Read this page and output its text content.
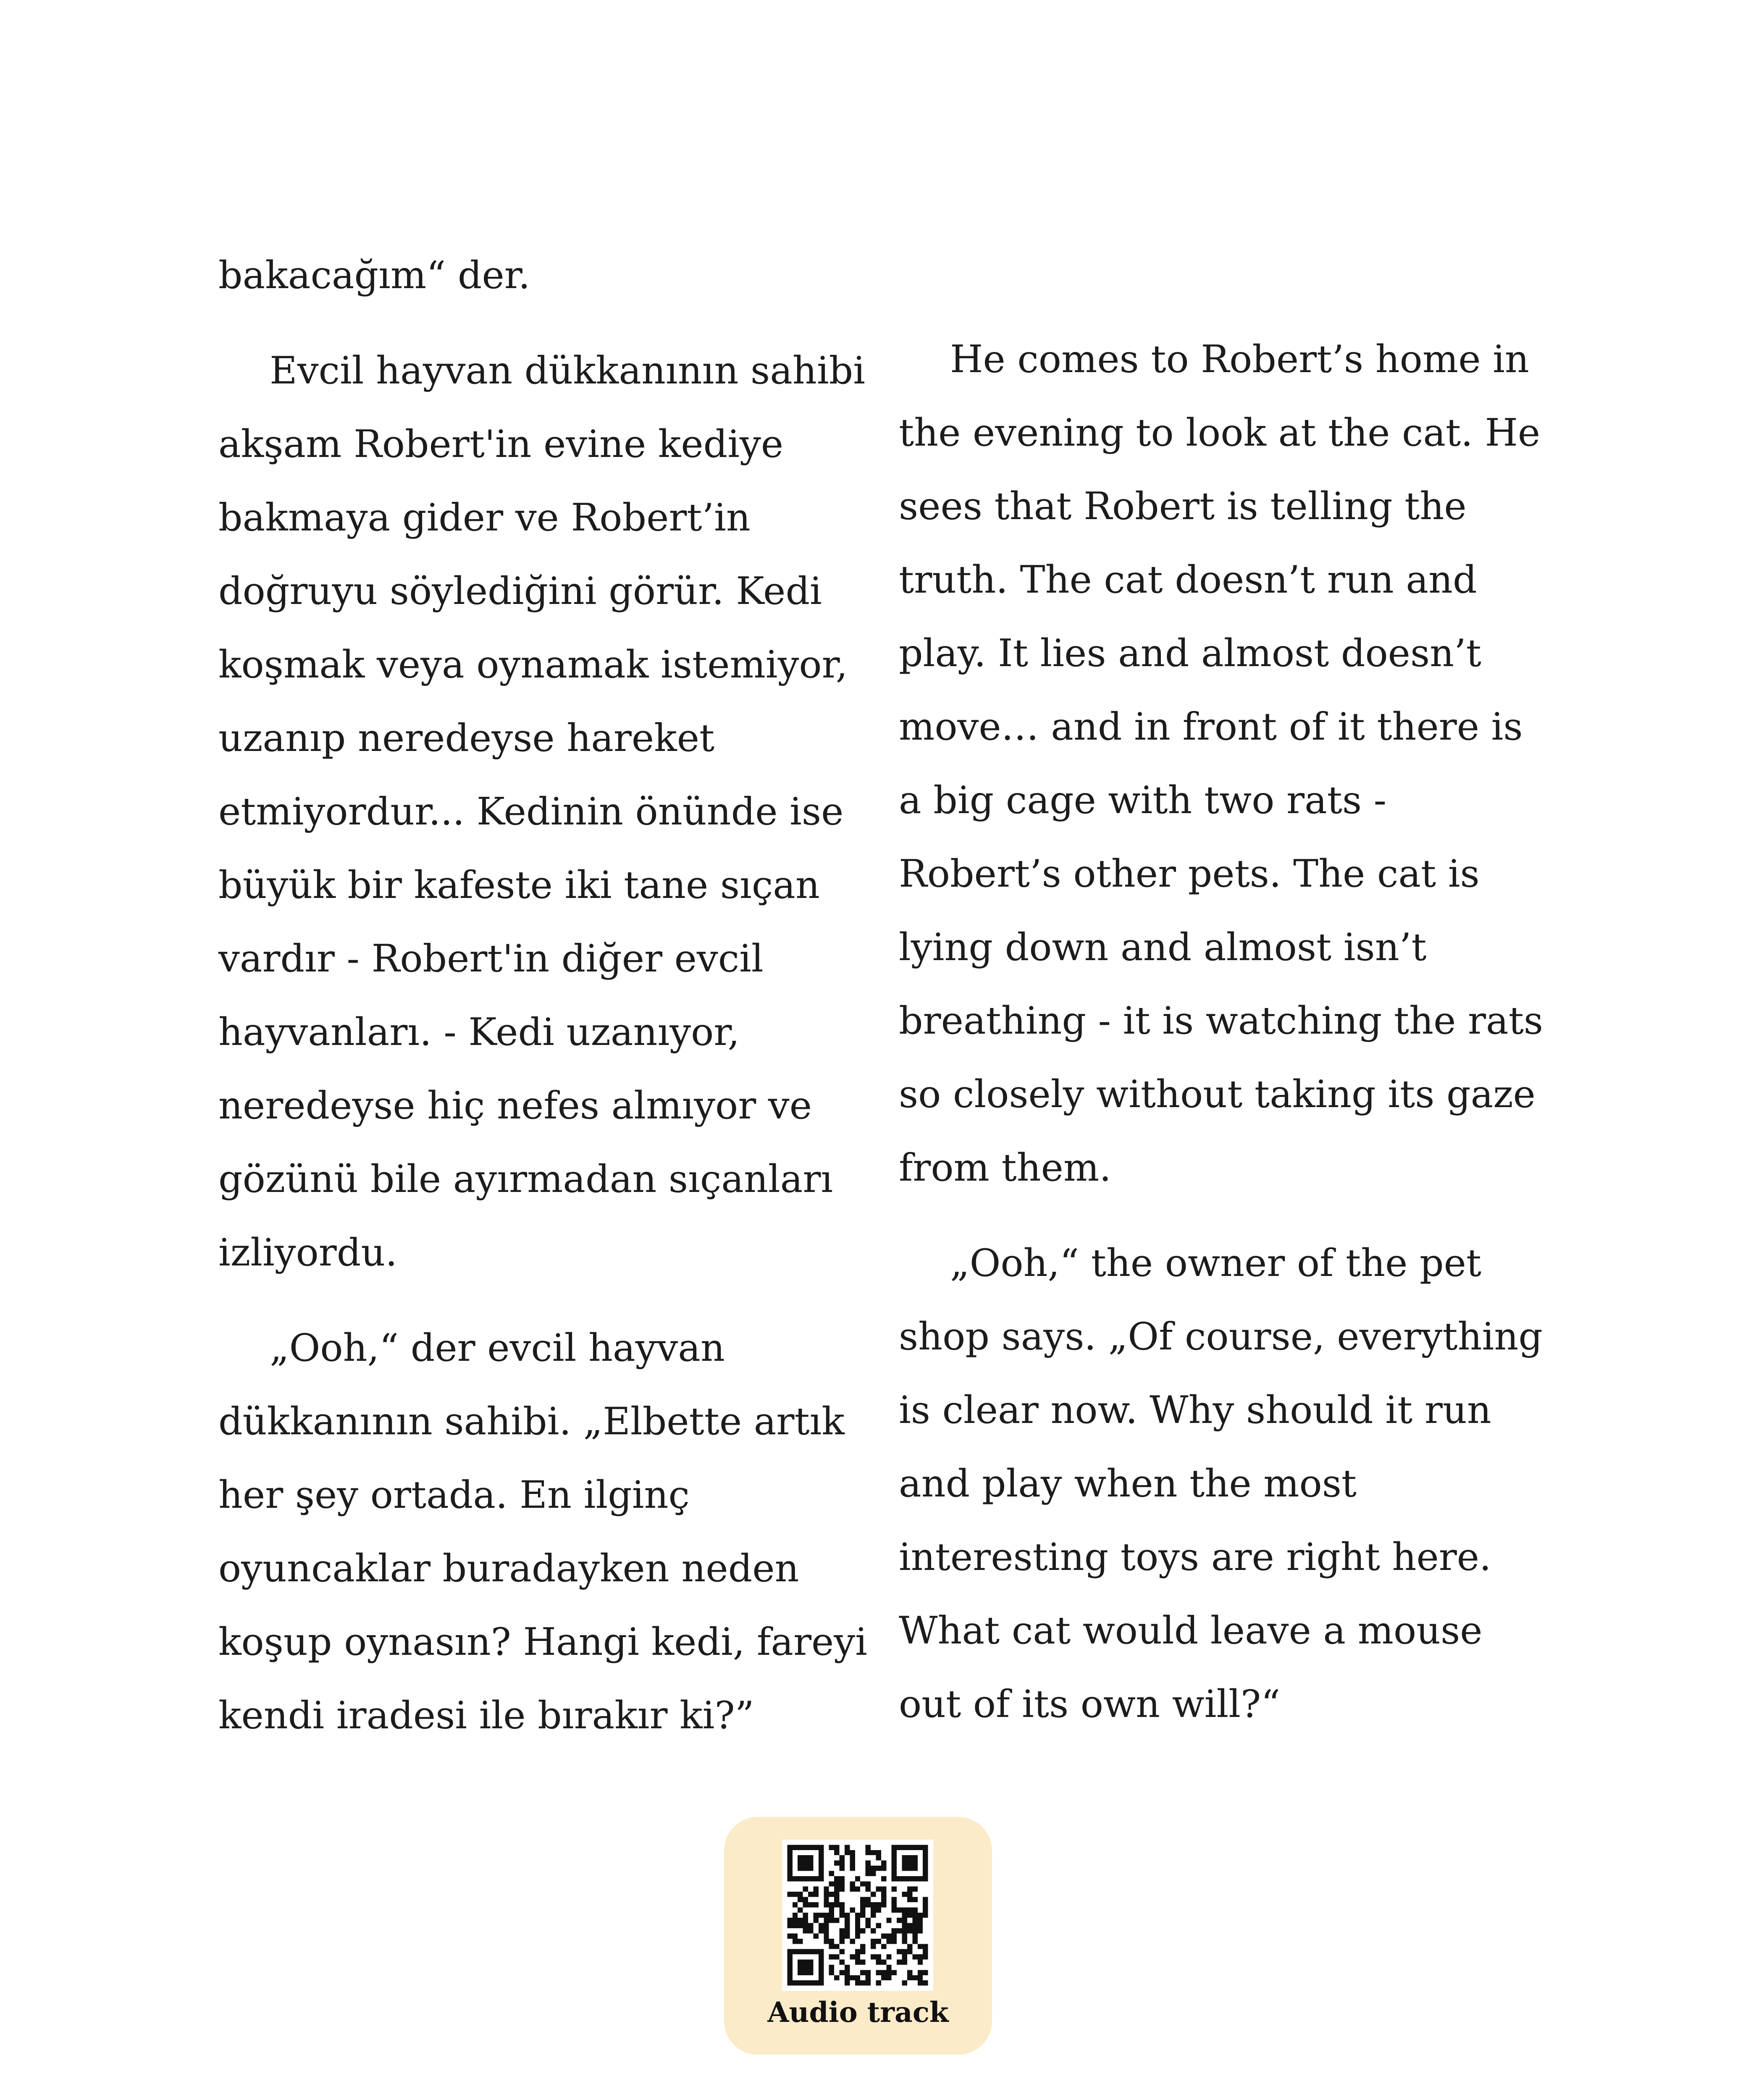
bakacağım“ der.

Evcil hayvan dükkanının sahibi akşam Robert'in evine kediye bakmaya gider ve Robert’in doğruyu söylediğini görür. Kedi koşmak veya oynamak istemiyor, uzanıp neredeyse hareket etmiyordur... Kedinin önünde ise büyük bir kafeste iki tane sıçan vardır - Robert'in diğer evcil hayvanları. - Kedi uzanıyor, neredeyse hiç nefes almıyor ve gözünü bile ayırmadan sıçanları izliyordu.

„Ooh,“ der evcil hayvan dükkanının sahibi. „Elbette artık her şey ortada. En ilginç oyuncaklar buradayken neden koşup oynasın? Hangi kedi, fareyi kendi iradesi ile bırakır ki?”

He comes to Robert’s home in the evening to look at the cat. He sees that Robert is telling the truth. The cat doesn’t run and play. It lies and almost doesn’t move… and in front of it there is a big cage with two rats - Robert’s other pets. The cat is lying down and almost isn’t breathing - it is watching the rats so closely without taking its gaze from them.

„Ooh,“ the owner of the pet shop says. „Of course, everything is clear now. Why should it run and play when the most interesting toys are right here. What cat would leave a mouse out of its own will?“

Audio track
